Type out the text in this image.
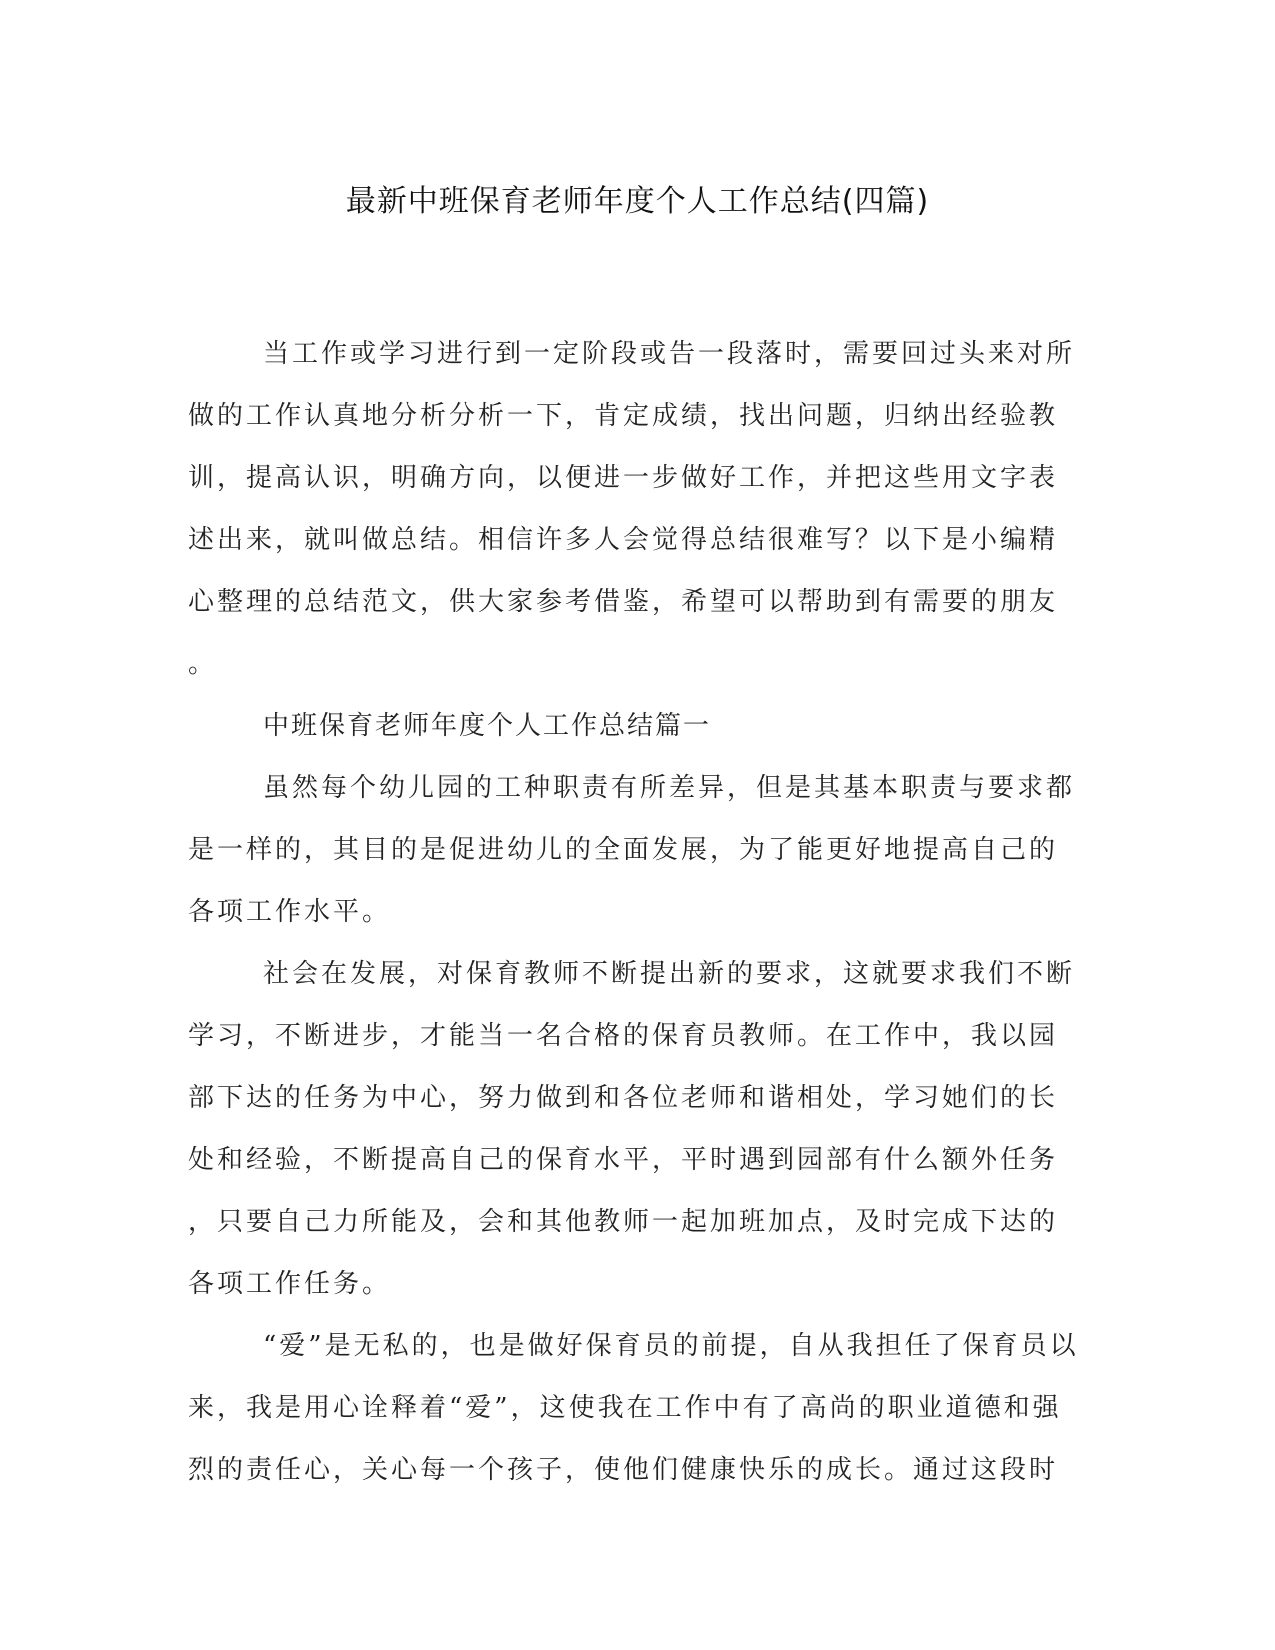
最新中班保育老师年度个人工作总结(四篇)
当工作或学习进行到一定阶段或告一段落时，需要回过头来对所
做的工作认真地分析分析一下，肯定成绩，找出问题，归纳出经验教
训，提高认识，明确方向，以便进一步做好工作，并把这些用文字表
述出来，就叫做总结。相信许多人会觉得总结很难写？以下是小编精
心整理的总结范文，供大家参考借鉴，希望可以帮助到有需要的朋友
。
中班保育老师年度个人工作总结篇一
虽然每个幼儿园的工种职责有所差异，但是其基本职责与要求都
是一样的，其目的是促进幼儿的全面发展，为了能更好地提高自己的
各项工作水平。
社会在发展，对保育教师不断提出新的要求，这就要求我们不断
学习，不断进步，才能当一名合格的保育员教师。在工作中，我以园
部下达的任务为中心，努力做到和各位老师和谐相处，学习她们的长
处和经验，不断提高自己的保育水平，平时遇到园部有什么额外任务
，只要自己力所能及，会和其他教师一起加班加点，及时完成下达的
各项工作任务。
“爱”是无私的，也是做好保育员的前提，自从我担任了保育员以
来，我是用心诠释着“爱”，这使我在工作中有了高尚的职业道德和强
烈的责任心，关心每一个孩子，使他们健康快乐的成长。通过这段时
